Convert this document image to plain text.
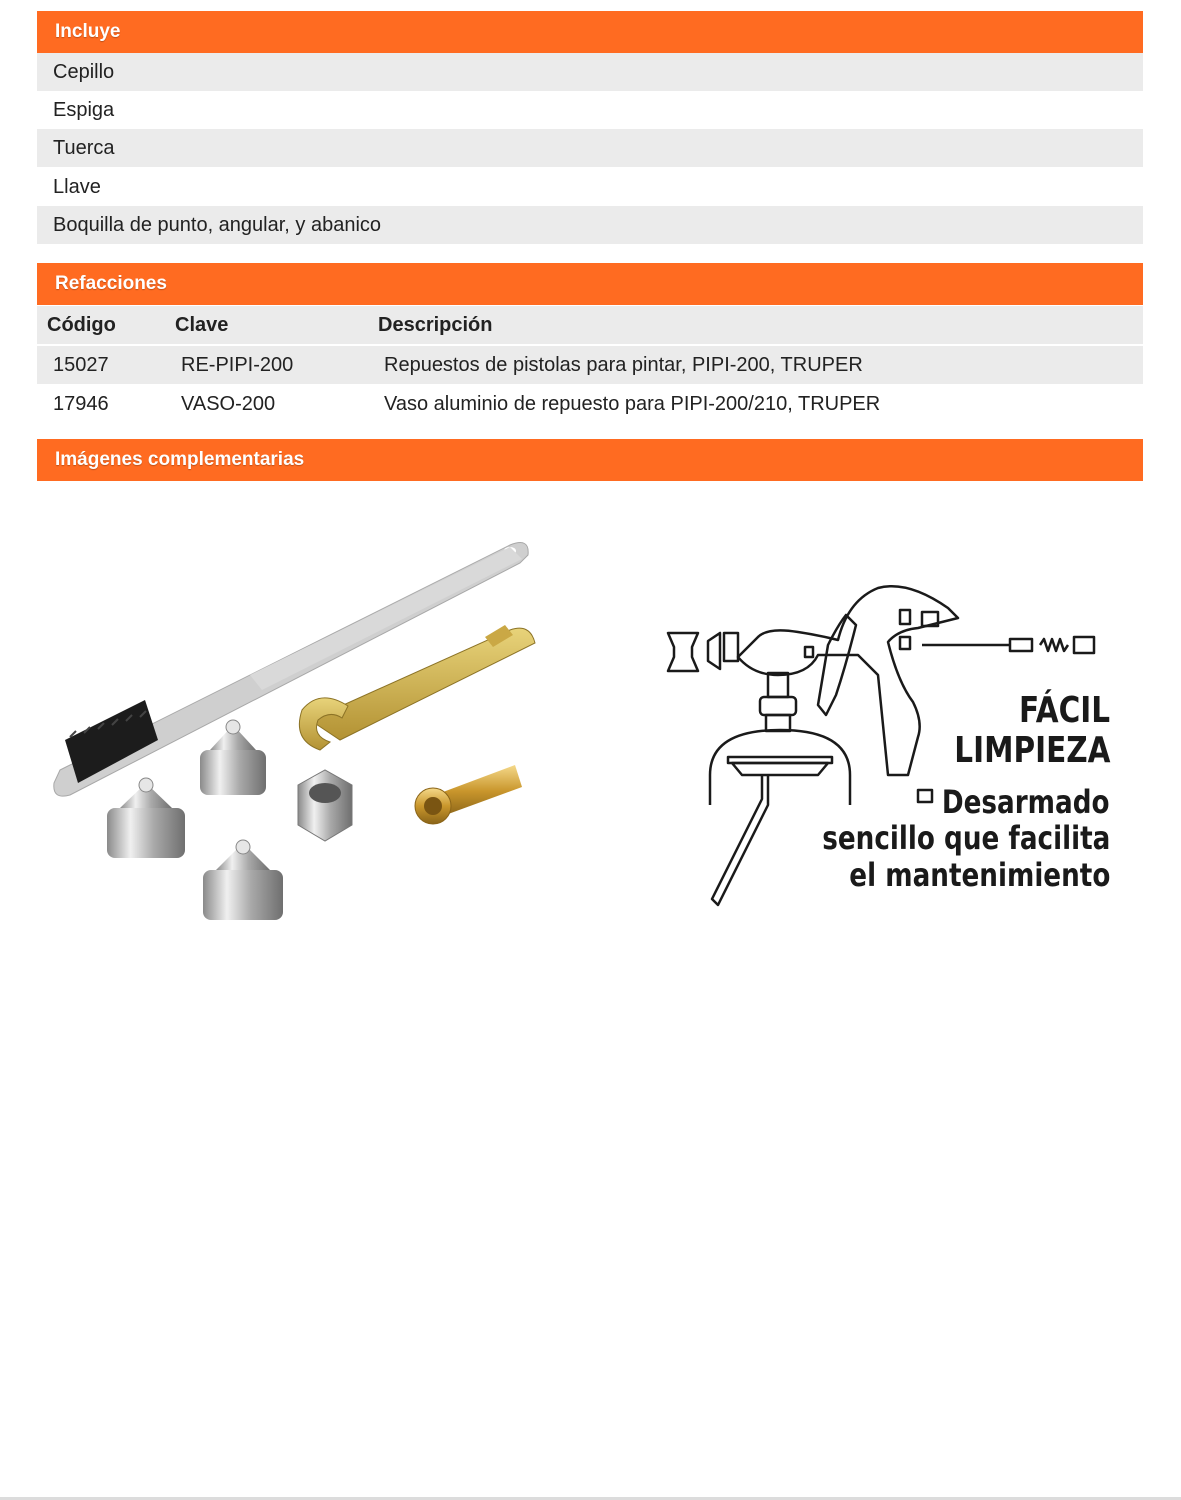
Incluye
Cepillo
Espiga
Tuerca
Llave
Boquilla de punto, angular, y abanico
Refacciones
Código	Clave	Descripción
15027	RE-PIPI-200	Repuestos de pistolas para pintar, PIPI-200, TRUPER
17946	VASO-200	Vaso aluminio de repuesto para PIPI-200/210, TRUPER
Imágenes complementarias
FÁCIL
LIMPIEZA
Desarmado
sencillo que facilita
el mantenimiento
